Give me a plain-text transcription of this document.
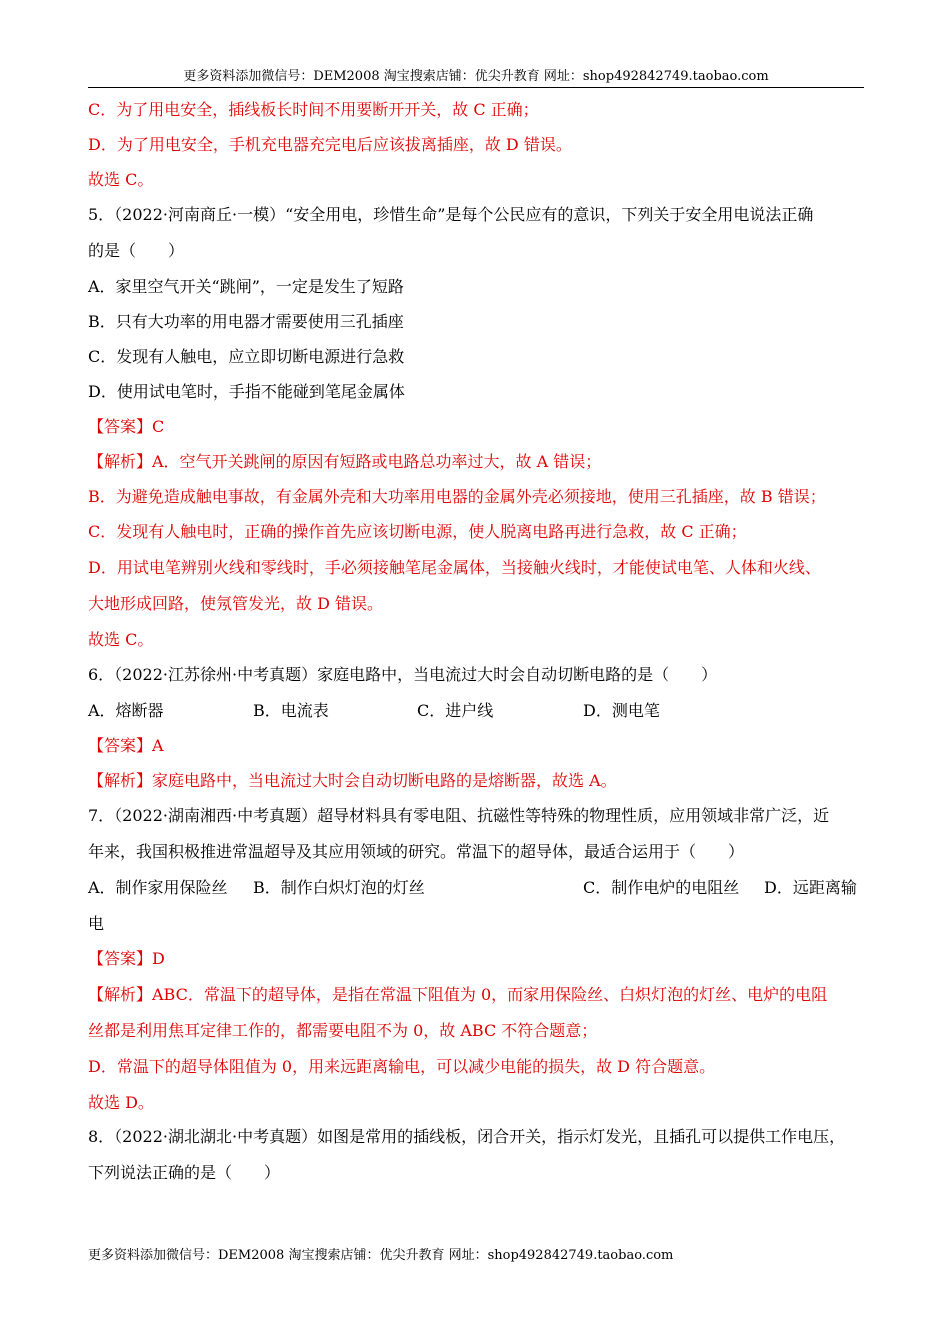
更多资料添加微信号：DEM2008 淘宝搜索店铺：优尖升教育 网址：shop492842749.taobao.com
C．为了用电安全，插线板长时间不用要断开开关，故 C 正确；
D．为了用电安全，手机充电器充完电后应该拔离插座，故 D 错误。
故选 C。
5．（2022·河南商丘·一模）“安全用电，珍惜生命”是每个公民应有的意识，下列关于安全用电说法正确
的是（　　）
A．家里空气开关“跳闸”，一定是发生了短路
B．只有大功率的用电器才需要使用三孔插座
C．发现有人触电，应立即切断电源进行急救
D．使用试电笔时，手指不能碰到笔尾金属体
【答案】C
【解析】A．空气开关跳闸的原因有短路或电路总功率过大，故 A 错误；
B．为避免造成触电事故，有金属外壳和大功率用电器的金属外壳必须接地，使用三孔插座，故 B 错误；
C．发现有人触电时，正确的操作首先应该切断电源，使人脱离电路再进行急救，故 C 正确；
D．用试电笔辨别火线和零线时，手必须接触笔尾金属体，当接触火线时，才能使试电笔、人体和火线、
大地形成回路，使氖管发光，故 D 错误。
故选 C。
6．（2022·江苏徐州·中考真题）家庭电路中，当电流过大时会自动切断电路的是（　　）
A．熔断器	B．电流表	C．进户线	D．测电笔
【答案】A
【解析】家庭电路中，当电流过大时会自动切断电路的是熔断器，故选 A。
7．（2022·湖南湘西·中考真题）超导材料具有零电阻、抗磁性等特殊的物理性质，应用领域非常广泛，近
年来，我国积极推进常温超导及其应用领域的研究。常温下的超导体，最适合运用于（　　）
A．制作家用保险丝 B．制作白炽灯泡的灯丝	C．制作电炉的电阻丝 D．远距离输
电
【答案】D
【解析】ABC．常温下的超导体，是指在常温下阻值为 0，而家用保险丝、白炽灯泡的灯丝、电炉的电阻
丝都是利用焦耳定律工作的，都需要电阻不为 0，故 ABC 不符合题意；
D．常温下的超导体阻值为 0，用来远距离输电，可以减少电能的损失，故 D 符合题意。
故选 D。
8．（2022·湖北湖北·中考真题）如图是常用的插线板，闭合开关，指示灯发光，且插孔可以提供工作电压，
下列说法正确的是（　　）
更多资料添加微信号：DEM2008 淘宝搜索店铺：优尖升教育 网址：shop492842749.taobao.com
